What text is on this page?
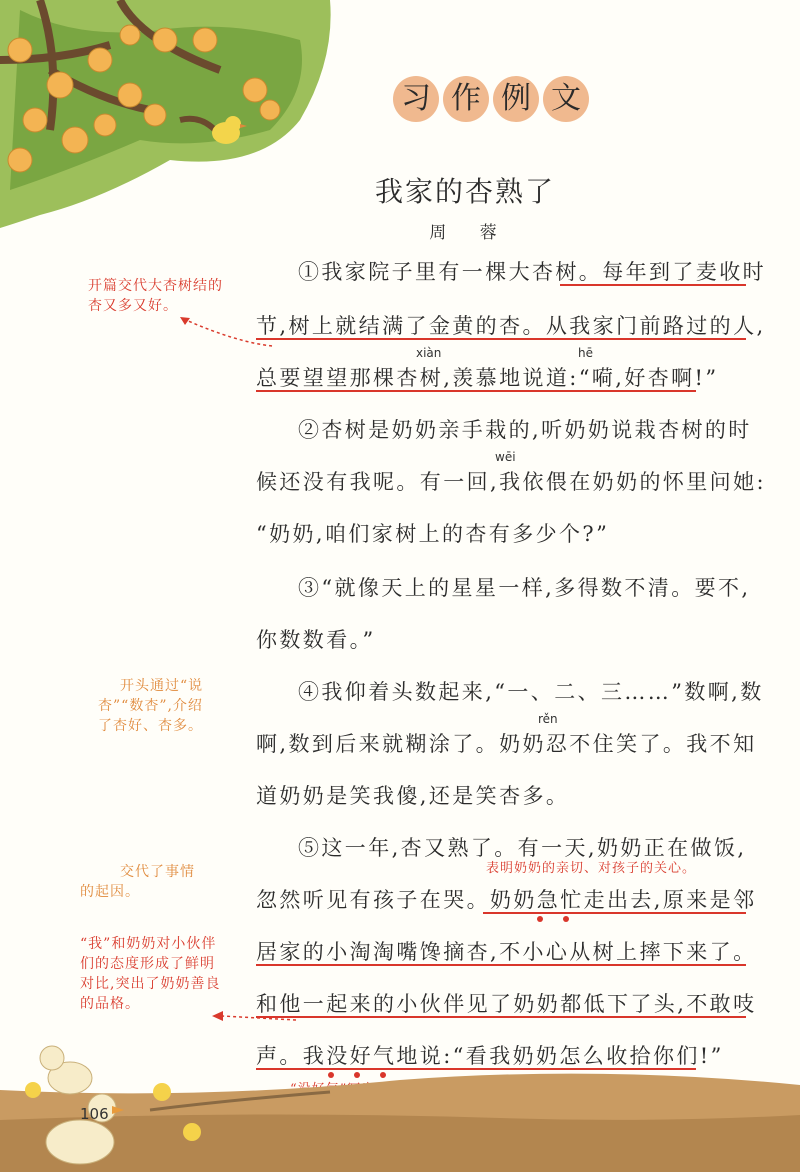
习 作 例 文
我家的杏熟了
周 蓉
①我家院子里有一棵大杏树。每年到了麦收时
节,树上就结满了金黄的杏。从我家门前路过的人,
总要望望那棵杏树,羡慕地说道:“嗬,好杏啊!”
②杏树是奶奶亲手栽的,听奶奶说栽杏树的时
候还没有我呢。有一回,我依偎在奶奶的怀里问她:
“奶奶,咱们家树上的杏有多少个?”
③“就像天上的星星一样,多得数不清。要不,
你数数看。”
④我仰着头数起来,“一、二、三……”数啊,数
啊,数到后来就糊涂了。奶奶忍不住笑了。我不知
道奶奶是笑我傻,还是笑杏多。
⑤这一年,杏又熟了。有一天,奶奶正在做饭,
忽然听见有孩子在哭。奶奶急忙走出去,原来是邻
居家的小淘淘嘴馋摘杏,不小心从树上摔下来了。
和他一起来的小伙伴见了奶奶都低下了头,不敢吱
声。我没好气地说:“看我奶奶怎么收拾你们!”
xiàn	hē
wēi
rěn
开篇交代大杏树结的
杏又多又好。
开头通过“说
杏”“数杏”,介绍
了杏好、杏多。
交代了事情
的起因。
“我”和奶奶对小伙伴
们的态度形成了鲜明
对比,突出了奶奶善良
的品格。
表明奶奶的亲切、对孩子的关心。
106
